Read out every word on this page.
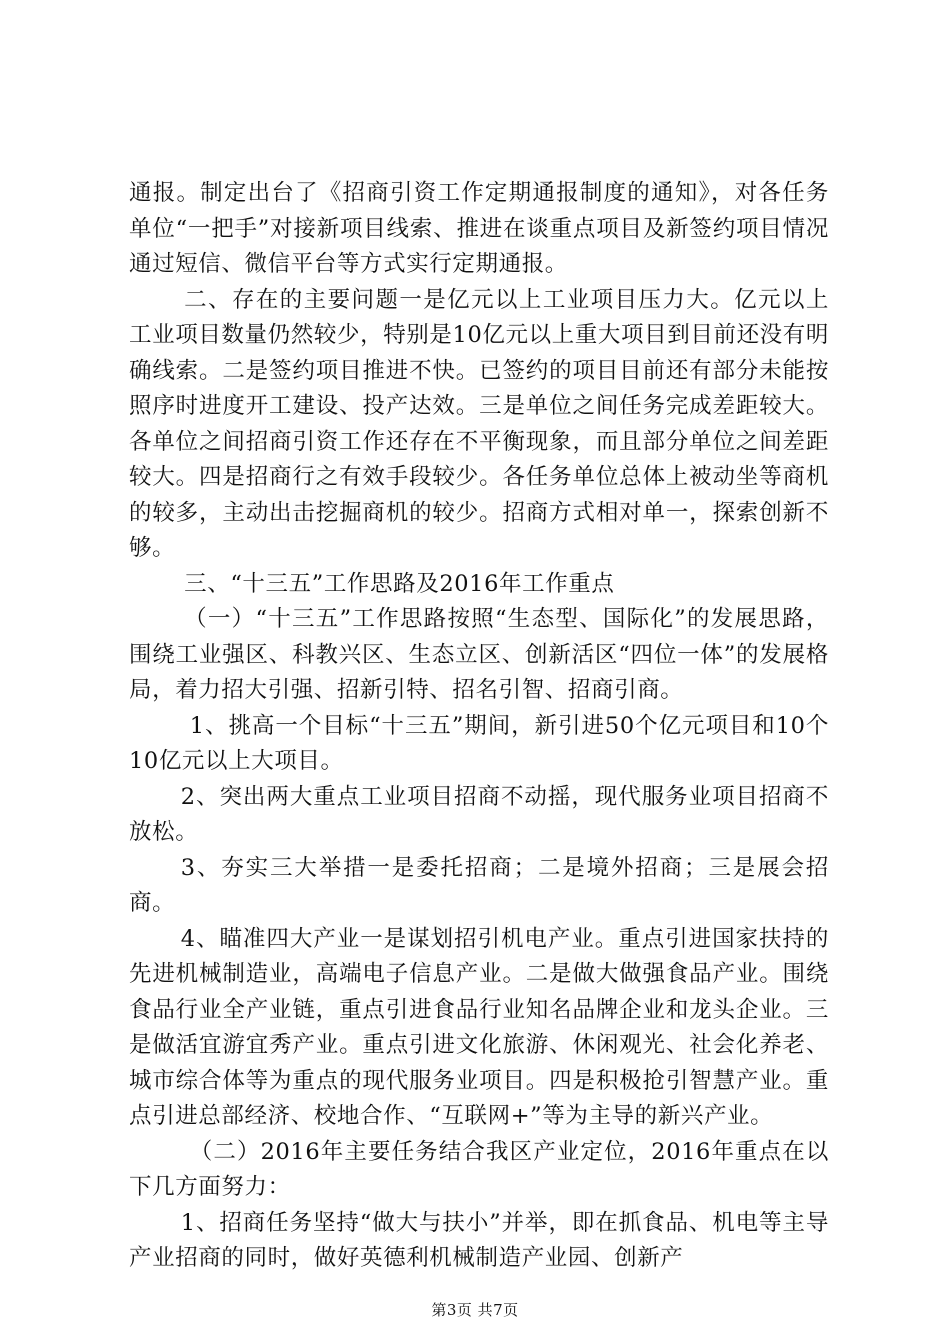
通报。制定出台了《招商引资工作定期通报制度的通知》，对各任务单位“一把手”对接新项目线索、推进在谈重点项目及新签约项目情况通过短信、微信平台等方式实行定期通报。

二、存在的主要问题一是亿元以上工业项目压力大。亿元以上工业项目数量仍然较少，特别是10亿元以上重大项目到目前还没有明确线索。二是签约项目推进不快。已签约的项目目前还有部分未能按照序时进度开工建设、投产达效。三是单位之间任务完成差距较大。各单位之间招商引资工作还存在不平衡现象，而且部分单位之间差距较大。四是招商行之有效手段较少。各任务单位总体上被动坐等商机的较多，主动出击挖掘商机的较少。招商方式相对单一，探索创新不够。

三、“十三五”工作思路及2016年工作重点

（一）“十三五”工作思路按照“生态型、国际化”的发展思路，围绕工业强区、科教兴区、生态立区、创新活区“四位一体”的发展格局，着力招大引强、招新引特、招名引智、招商引商。

1、挑高一个目标“十三五”期间，新引进50个亿元项目和10个10亿元以上大项目。

2、突出两大重点工业项目招商不动摇，现代服务业项目招商不放松。

3、夯实三大举措一是委托招商；二是境外招商；三是展会招商。

4、瞄准四大产业一是谋划招引机电产业。重点引进国家扶持的先进机械制造业，高端电子信息产业。二是做大做强食品产业。围绕食品行业全产业链，重点引进食品行业知名品牌企业和龙头企业。三是做活宜游宜秀产业。重点引进文化旅游、休闲观光、社会化养老、城市综合体等为重点的现代服务业项目。四是积极抢引智慧产业。重点引进总部经济、校地合作、“互联网+”等为主导的新兴产业。

（二）2016年主要任务结合我区产业定位，2016年重点在以下几方面努力：

1、招商任务坚持“做大与扶小”并举，即在抓食品、机电等主导产业招商的同时，做好英德利机械制造产业园、创新产

第3页 共7页
